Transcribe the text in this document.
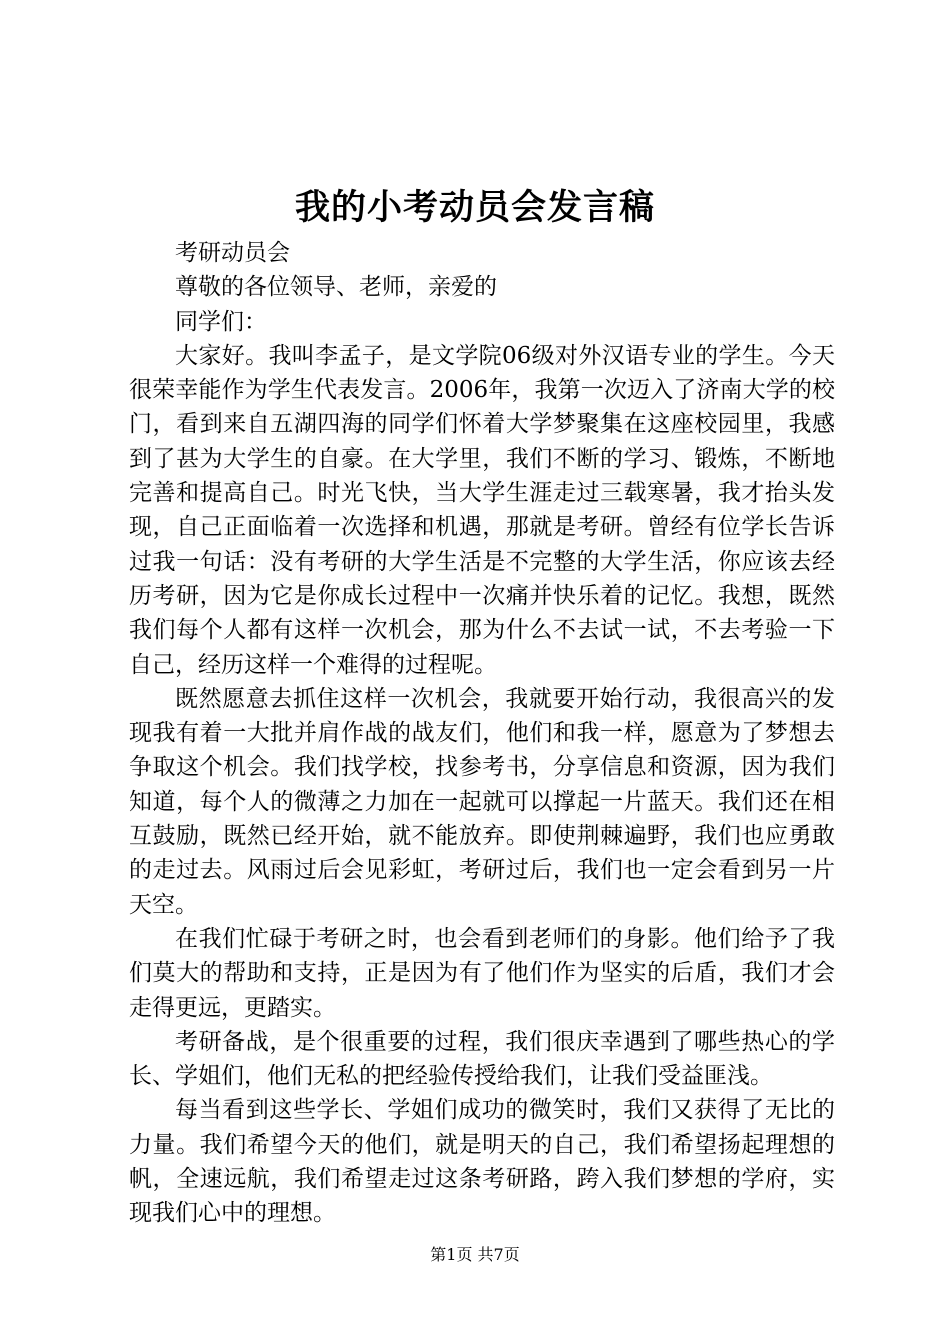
我的小考动员会发言稿

考研动员会

尊敬的各位领导、老师，亲爱的

同学们：

大家好。我叫李孟子，是文学院06级对外汉语专业的学生。今天很荣幸能作为学生代表发言。2006年，我第一次迈入了济南大学的校门，看到来自五湖四海的同学们怀着大学梦聚集在这座校园里，我感到了甚为大学生的自豪。在大学里，我们不断的学习、锻炼，不断地完善和提高自己。时光飞快，当大学生涯走过三载寒暑，我才抬头发现，自己正面临着一次选择和机遇，那就是考研。曾经有位学长告诉过我一句话：没有考研的大学生活是不完整的大学生活，你应该去经历考研，因为它是你成长过程中一次痛并快乐着的记忆。我想，既然我们每个人都有这样一次机会，那为什么不去试一试，不去考验一下自己，经历这样一个难得的过程呢。

既然愿意去抓住这样一次机会，我就要开始行动，我很高兴的发现我有着一大批并肩作战的战友们，他们和我一样，愿意为了梦想去争取这个机会。我们找学校，找参考书，分享信息和资源，因为我们知道，每个人的微薄之力加在一起就可以撑起一片蓝天。我们还在相互鼓励，既然已经开始，就不能放弃。即使荆棘遍野，我们也应勇敢的走过去。风雨过后会见彩虹，考研过后，我们也一定会看到另一片天空。

在我们忙碌于考研之时，也会看到老师们的身影。他们给予了我们莫大的帮助和支持，正是因为有了他们作为坚实的后盾，我们才会走得更远，更踏实。

考研备战，是个很重要的过程，我们很庆幸遇到了哪些热心的学长、学姐们，他们无私的把经验传授给我们，让我们受益匪浅。

每当看到这些学长、学姐们成功的微笑时，我们又获得了无比的力量。我们希望今天的他们，就是明天的自己，我们希望扬起理想的帆，全速远航，我们希望走过这条考研路，跨入我们梦想的学府，实现我们心中的理想。

第1页 共7页
